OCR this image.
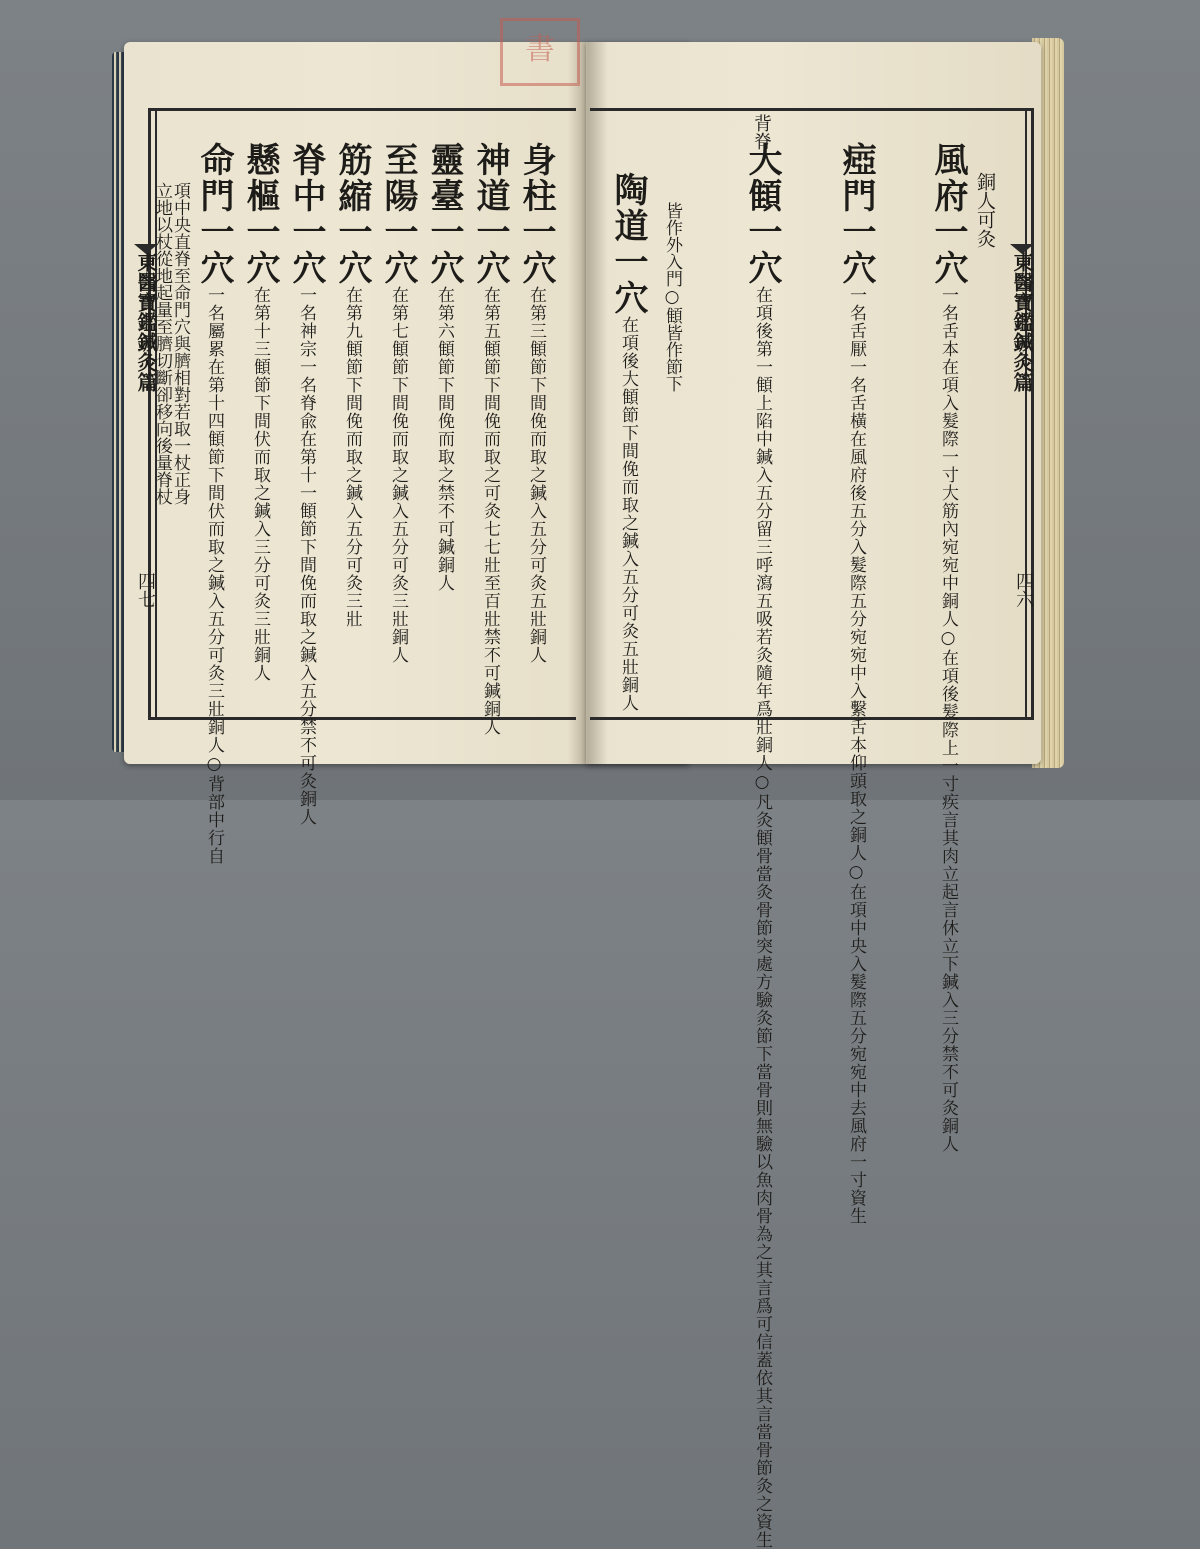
書
東醫寶鑑鍼灸篇
四七
身柱一穴在第三顀節下間俛而取之鍼入五分可灸五壯銅人
神道一穴在第五顀節下間俛而取之可灸七七壯至百壯禁不可鍼銅人
靈臺一穴在第六顀節下間俛而取之禁不可鍼銅人
至陽一穴在第七顀節下間俛而取之鍼入五分可灸三壯銅人
筋縮一穴在第九顀節下間俛而取之鍼入五分可灸三壯
脊中一穴一名神宗一名脊兪在第十一顀節下間俛而取之鍼入五分禁不可灸銅人
懸樞一穴在第十三顀節下間伏而取之鍼入三分可灸三壯銅人
命門一穴一名屬累在第十四顀節下間伏而取之鍼入五分可灸三壯銅人○背部中行自
項中央直脊至命門穴與臍相對若取一杖正身
立地以杖從地起量至臍切斷卻移向後量脊杖	東醫寶鑑鍼灸篇
四六
銅人可灸
背脊
風府一穴一名舌本在項入髮際一寸大筋內宛宛中銅人○在項後髮際上一寸疾言其肉立起言休立下鍼入三分禁不可灸銅人
瘂門一穴一名舌厭一名舌橫在風府後五分入髮際五分宛宛中入繫舌本仰頭取之銅人○在項中央入髮際五分宛宛中去風府一寸資生
大顀一穴在項後第一顀上陷中鍼入五分留三呼瀉五吸若灸隨年爲壯銅人○凡灸顀骨當灸骨節突處方驗灸節下當骨則無驗以魚肉骨為之其言爲可信蓋依其言當骨節灸之資生
陶道一穴在項後大顀節下間俛而取之鍼入五分可灸五壯銅人
皆作外入門○顀皆作節下
